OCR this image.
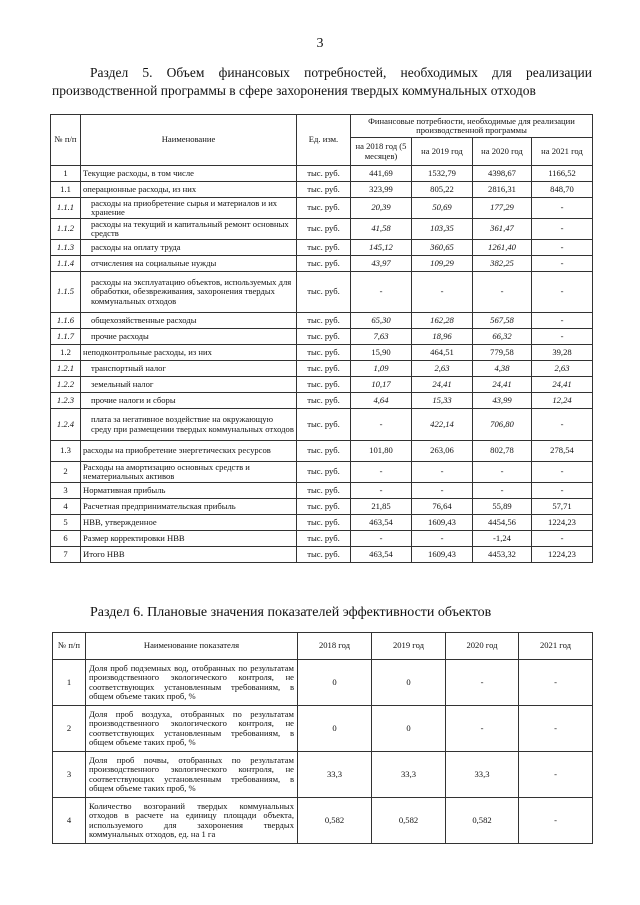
3
Раздел 5. Объем финансовых потребностей, необходимых для реализации производственной программы в сфере захоронения твердых коммунальных отходов
№ п/п	Наименование	Ед. изм.	Финансовые потребности, необходимые для реализации производственной программы			
			на 2018 год (5 месяцев)	на 2019 год	на 2020 год	на 2021 год
1	Текущие расходы, в том числе	тыс. руб.	441,69	1532,79	4398,67	1166,52
1.1	операционные расходы, из них	тыс. руб.	323,99	805,22	2816,31	848,70
1.1.1	расходы на приобретение сырья и материалов и их хранение	тыс. руб.	20,39	50,69	177,29	-
1.1.2	расходы на текущий и капитальный ремонт основных средств	тыс. руб.	41,58	103,35	361,47	-
1.1.3	расходы на оплату труда	тыс. руб.	145,12	360,65	1261,40	-
1.1.4	отчисления на социальные нужды	тыс. руб.	43,97	109,29	382,25	-
1.1.5	расходы на эксплуатацию объектов, используемых для обработки, обезвреживания, захоронения твердых коммунальных отходов	тыс. руб.	-	-	-	-
1.1.6	общехозяйственные расходы	тыс. руб.	65,30	162,28	567,58	-
1.1.7	прочие расходы	тыс. руб.	7,63	18,96	66,32	-
1.2	неподконтрольные расходы, из них	тыс. руб.	15,90	464,51	779,58	39,28
1.2.1	транспортный налог	тыс. руб.	1,09	2,63	4,38	2,63
1.2.2	земельный налог	тыс. руб.	10,17	24,41	24,41	24,41
1.2.3	прочие налоги и сборы	тыс. руб.	4,64	15,33	43,99	12,24
1.2.4	плата за негативное воздействие на окружающую среду при размещении твердых коммунальных отходов	тыс. руб.	-	422,14	706,80	-
1.3	расходы на приобретение энергетических ресурсов	тыс. руб.	101,80	263,06	802,78	278,54
2	Расходы на амортизацию основных средств и нематериальных активов	тыс. руб.	-	-	-	-
3	Нормативная прибыль	тыс. руб.	-	-	-	-
4	Расчетная предпринимательская прибыль	тыс. руб.	21,85	76,64	55,89	57,71
5	НВВ, утвержденное	тыс. руб.	463,54	1609,43	4454,56	1224,23
6	Размер корректировки НВВ	тыс. руб.	-	-	-1,24	-
7	Итого НВВ	тыс. руб.	463,54	1609,43	4453,32	1224,23
Раздел 6. Плановые значения показателей эффективности объектов
№ п/п	Наименование показателя	2018 год	2019 год	2020 год	2021 год
1	Доля проб подземных вод, отобранных по результатам производственного экологического контроля, не соответствующих установленным требованиям, в общем объеме таких проб, %	0	0	-	-
2	Доля проб воздуха, отобранных по результатам производственного экологического контроля, не соответствующих установленным требованиям, в общем объеме таких проб, %	0	0	-	-
3	Доля проб почвы, отобранных по результатам производственного экологического контроля, не соответствующих установленным требованиям, в общем объеме таких проб, %	33,3	33,3	33,3	-
4	Количество возгораний твердых коммунальных отходов в расчете на единицу площади объекта, используемого для захоронения твердых коммунальных отходов, ед. на 1 га	0,582	0,582	0,582	-
